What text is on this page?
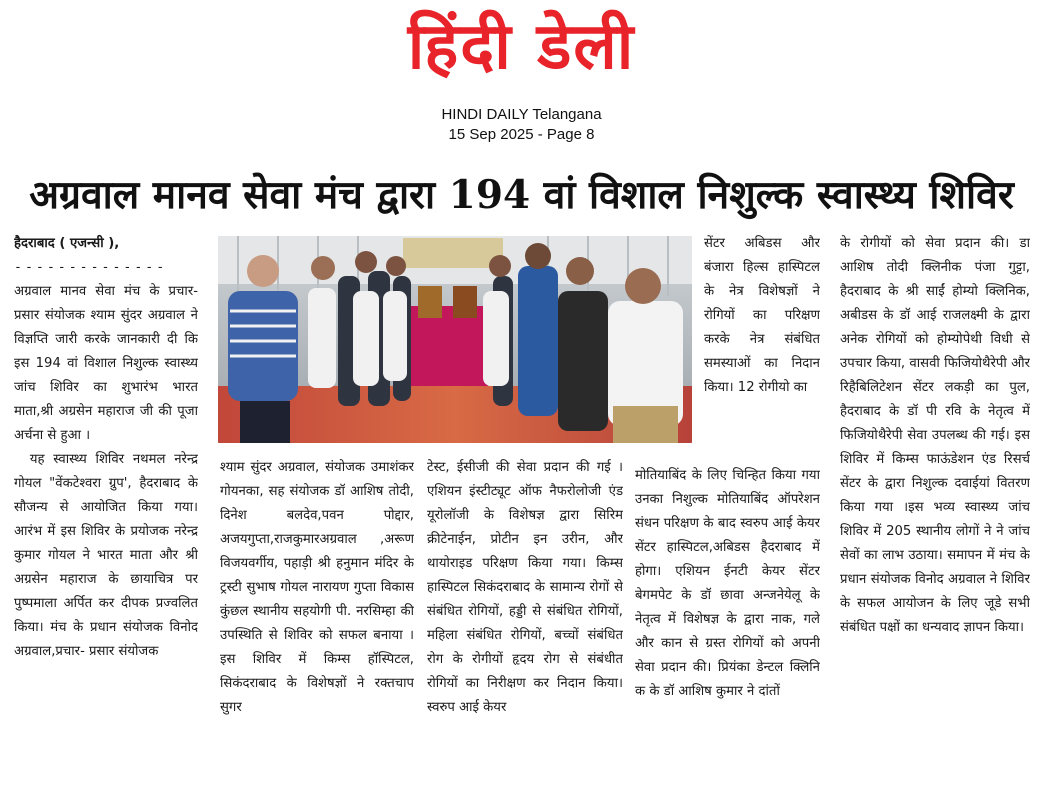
हिंदी डेली
HINDI DAILY Telangana
15 Sep 2025 - Page 8
अग्रवाल मानव सेवा मंच द्वारा 194 वां विशाल निशुल्क स्वास्थ्य शिविर

हैदराबाद ( एजन्सी ),

--------------

अग्रवाल मानव सेवा मंच के प्रचार-प्रसार संयोजक श्याम सुंदर अग्रवाल ने विज्ञप्ति जारी करके जानकारी दी कि इस 194 वां विशाल निशुल्क स्वास्थ्य जांच शिविर का शुभारंभ भारत माता,श्री अग्रसेन महाराज जी की पूजा अर्चना से हुआ ।

यह स्वास्थ्य शिविर नथमल नरेन्द्र गोयल "वेंकटेश्वरा ग्रुप', हैदराबाद के सौजन्य से आयोजित किया गया। आरंभ में इस शिविर के प्रयोजक नरेन्द्र कुमार गोयल ने भारत माता और श्री अग्रसेन महाराज के छायाचित्र पर पुष्पमाला अर्पित कर दीपक प्रज्वलित किया। मंच के प्रधान संयोजक विनोद अग्रवाल,प्रचार- प्रसार संयोजक

श्याम सुंदर अग्रवाल, संयोजक उमाशंकर गोयनका, सह संयोजक डॉ आशिष तोदी, दिनेश बलदेव,पवन पोद्दार, अजयगुप्ता,राजकुमारअग्रवाल ,अरूण विजयवर्गीय, पहाड़ी श्री हनुमान मंदिर के ट्रस्टी सुभाष गोयल नारायण गुप्ता विकास कुंछल स्थानीय सहयोगी पी. नरसिम्हा की उपस्थिति से शिविर को सफल बनाया । इस शिविर में किम्स हॉस्पिटल, सिकंदराबाद के विशेषज्ञों ने रक्तचाप सुगर

टेस्ट, ईसीजी की सेवा प्रदान की गई ।एशियन इंस्टीट्यूट ऑफ नैफरोलोजी एंड यूरोलॉजी के विशेषज्ञ द्वारा सिरिम क्रीटेनाईन, प्रोटीन इन उरीन, और थायोराइड परिक्षण किया गया। किम्स हास्पिटल सिकंदराबाद के सामान्य रोगों से संबंधित रोगियों, हड्डी से संबंधित रोगियों, महिला संबंधित रोगियों, बच्चों संबंधित रोग के रोगीयों हृदय रोग से संबंधीत रोगियों का निरीक्षण कर निदान किया। स्वरुप आई केयर

सेंटर अबिडस और बंजारा हिल्स हास्पिटल के नेत्र विशेषज्ञों ने रोगियों का परिक्षण करके नेत्र संबंधित समस्याओं का निदान किया। 12 रोगीयो का

मोतियाबिंद के लिए चिन्हित किया गया उनका निशुल्क मोतियाबिंद ऑपरेशन संधन परिक्षण के बाद स्वरुप आई केयर सेंटर हास्पिटल,अबिडस हैदराबाद में होगा। एशियन ईनटी केयर सेंटर बेगमपेट के डॉ छावा अन्जनेयेलू के नेतृत्व में विशेषज्ञ के द्वारा नाक, गले और कान से ग्रस्त रोगियों को अपनी सेवा प्रदान की। प्रियंका डेन्टल क्लिनि क के डॉ आशिष कुमार ने दांतों

के रोगीयों को सेवा प्रदान की। डा आशिष तोदी क्लिनीक पंजा गुट्टा, हैदराबाद के श्री साईं होम्यो क्लिनिक, अबीडस के डॉ आई राजलक्ष्मी के द्वारा अनेक रोगियों को होम्योपेथी विधी से उपचार किया, वासवी फिजियोथैरेपी और रिहैबिलिटेशन सेंटर लकड़ी का पुल, हैदराबाद के डॉ पी रवि के नेतृत्व में फिजियोथैरेपी सेवा उपलब्ध की गई। इस शिविर में किम्स फाऊंडेशन एंड रिसर्च सेंटर के द्वारा निशुल्क दवाईयां वितरण किया गया ।इस भव्य स्वास्थ्य जांच शिविर में 205 स्थानीय लोगों ने ने जांच सेवों का लाभ उठाया। समापन में मंच के प्रधान संयोजक विनोद अग्रवाल ने शिविर के सफल आयोजन के लिए जूडे सभी संबंधित पक्षों का धन्यवाद ज्ञापन किया।
